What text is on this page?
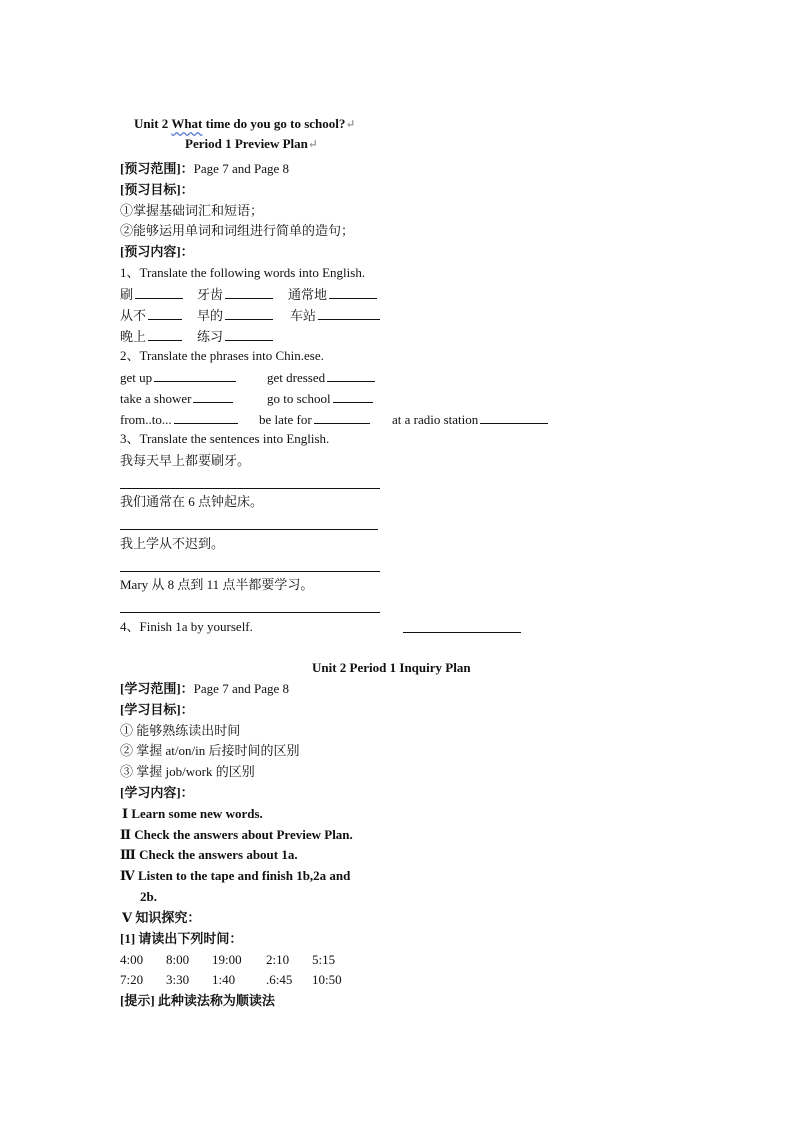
Unit 2 What time do you go to school?↵
Period 1 Preview Plan↵
[预习范围]：Page 7 and Page 8
[预习目标]：
①掌握基础词汇和短语；
②能够运用单词和词组进行简单的造句；
[预习内容]：
1、Translate the following words into English.
刷	牙齿	通常地
从不	早的	车站
晚上	练习
2、Translate the phrases into Chin.ese.
get up	get dressed
take a shower	go to school
from..to...	be late for	at a radio station
3、Translate the sentences into English.
我每天早上都要刷牙。
我们通常在 6 点钟起床。
我上学从不迟到。
Mary 从 8 点到 11 点半都要学习。
4、Finish 1a by yourself.
Unit 2 Period 1 Inquiry Plan
[学习范围]：Page 7 and Page 8
[学习目标]：
① 能够熟练读出时间
② 掌握 at/on/in 后接时间的区别
③ 掌握 job/work 的区别
[学习内容]：
Ⅰ Learn some new words.
Ⅱ Check the answers about Preview Plan.
Ⅲ Check the answers about 1a.
Ⅳ Listen to the tape and finish 1b,2a and
2b.
Ⅴ 知识探究：
[1] 请读出下列时间：
4:00 8:00 19:00 2:10 5:15
7:20 3:30 1:40 .6:45 10:50
[提示] 此种读法称为顺读法
